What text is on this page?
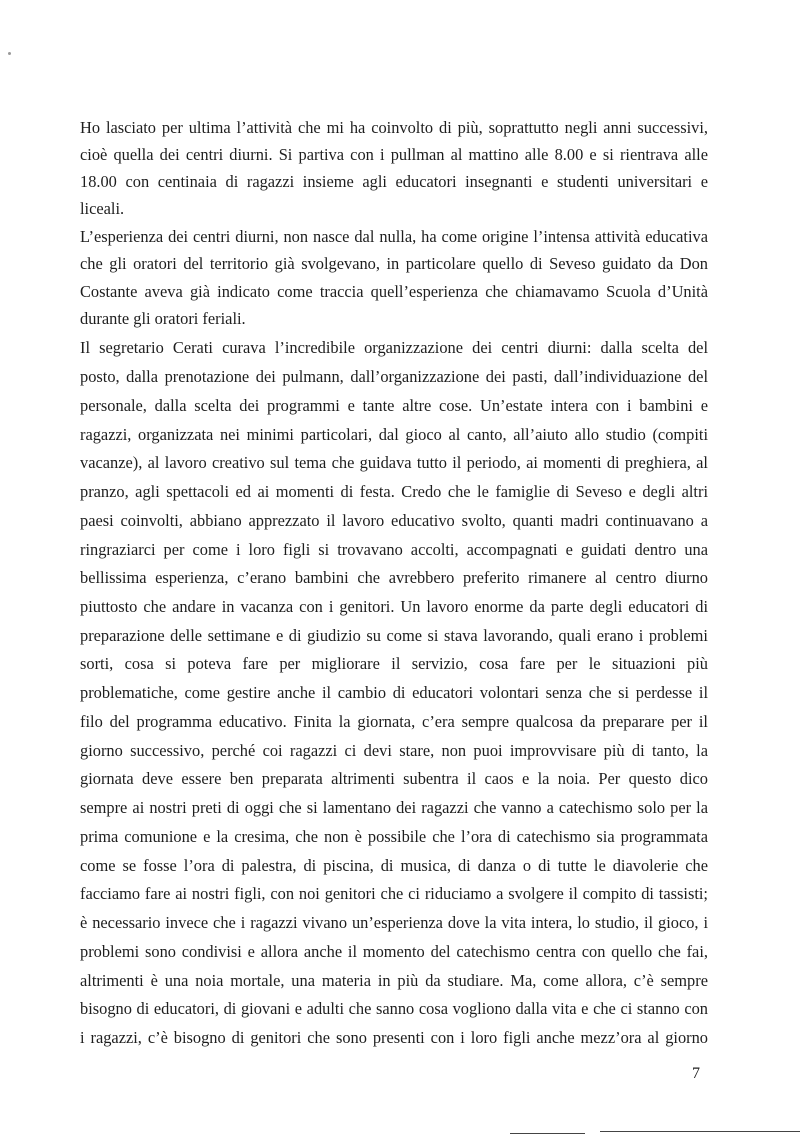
Ho lasciato per ultima l’attività che mi ha coinvolto di più, soprattutto negli anni successivi,
cioè quella dei centri diurni. Si partiva con i pullman al mattino alle 8.00 e si rientrava alle
18.00 con centinaia di ragazzi insieme agli educatori insegnanti e studenti universitari e
liceali.
L’esperienza dei centri diurni, non nasce dal nulla, ha come origine l’intensa attività educativa
che gli oratori del territorio già svolgevano, in particolare quello di Seveso guidato da Don
Costante aveva già indicato come traccia quell’esperienza che chiamavamo Scuola d’Unità
durante gli oratori feriali.
Il segretario Cerati curava l’incredibile organizzazione dei centri diurni: dalla scelta del
posto, dalla prenotazione dei pulmann, dall’organizzazione dei pasti, dall’individuazione del
personale, dalla scelta dei programmi e tante altre cose. Un’estate intera con i bambini e
ragazzi, organizzata nei minimi particolari, dal gioco al canto, all’aiuto allo studio (compiti
vacanze), al lavoro creativo sul tema che guidava tutto il periodo, ai momenti di preghiera, al
pranzo, agli spettacoli ed ai momenti di festa. Credo che le famiglie di Seveso e degli altri
paesi coinvolti, abbiano apprezzato il lavoro educativo svolto, quanti madri continuavano a
ringraziarci per come i loro figli si trovavano accolti, accompagnati e guidati dentro una
bellissima esperienza, c’erano bambini che avrebbero preferito rimanere al centro diurno
piuttosto che andare in vacanza con i genitori. Un lavoro enorme da parte degli educatori di
preparazione delle settimane e di giudizio su come si stava lavorando, quali erano i problemi
sorti, cosa si poteva fare per migliorare il servizio, cosa fare per le situazioni più
problematiche, come gestire anche il cambio di educatori volontari senza che si perdesse il
filo del programma educativo. Finita la giornata, c’era sempre qualcosa da preparare per il
giorno successivo, perché coi ragazzi ci devi stare, non puoi improvvisare più di tanto, la
giornata deve essere ben preparata altrimenti subentra il caos e la noia. Per questo dico
sempre ai nostri preti di oggi che si lamentano dei ragazzi che vanno a catechismo solo per la
prima comunione e la cresima, che non è possibile che l’ora di catechismo sia programmata
come se fosse l’ora di palestra, di piscina, di musica, di danza o di tutte le diavolerie che
facciamo fare ai nostri figli, con noi genitori che ci riduciamo a svolgere il compito di tassisti;
è necessario invece che i ragazzi vivano un’esperienza dove la vita intera, lo studio, il gioco, i
problemi sono condivisi e allora anche il momento del catechismo centra con quello che fai,
altrimenti è una noia mortale, una materia in più da studiare. Ma, come allora, c’è sempre
bisogno di educatori, di giovani e adulti che sanno cosa vogliono dalla vita e che ci stanno con
i ragazzi, c’è bisogno di genitori che sono presenti con i loro figli anche mezz’ora al giorno
7
